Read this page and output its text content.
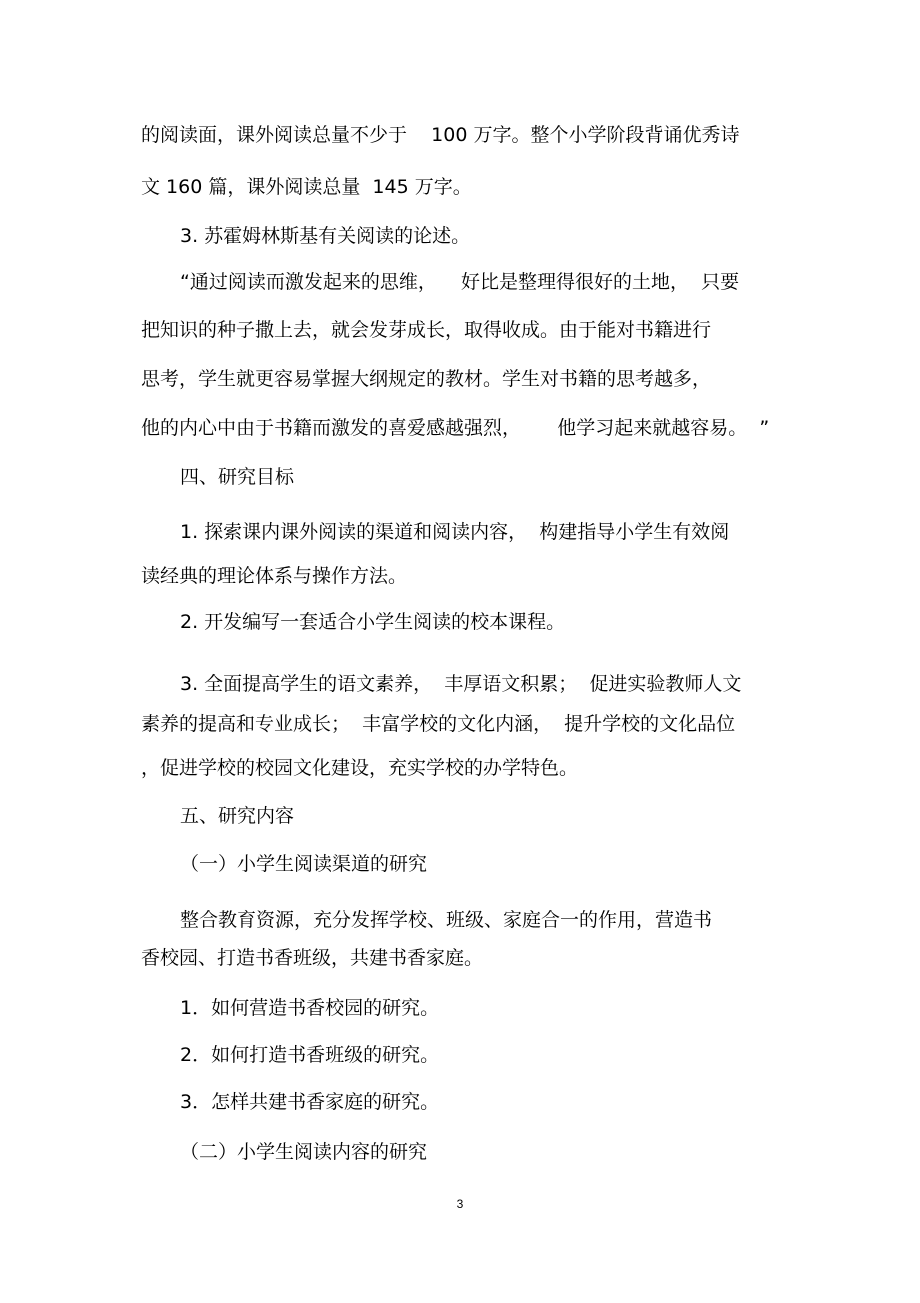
的阅读面，课外阅读总量不少于    100 万字。整个小学阶段背诵优秀诗

文 160 篇，课外阅读总量  145 万字。

3. 苏霍姆林斯基有关阅读的论述。

“通过阅读而激发起来的思维，    好比是整理得很好的土地，  只要

把知识的种子撒上去，就会发芽成长，取得收成。由于能对书籍进行

思考，学生就更容易掌握大纲规定的教材。学生对书籍的思考越多，

他的内心中由于书籍而激发的喜爱感越强烈，      他学习起来就越容易。  ”

四、研究目标

1. 探索课内课外阅读的渠道和阅读内容，  构建指导小学生有效阅

读经典的理论体系与操作方法。

2. 开发编写一套适合小学生阅读的校本课程。

3. 全面提高学生的语文素养，  丰厚语文积累；  促进实验教师人文

素养的提高和专业成长；  丰富学校的文化内涵，  提升学校的文化品位

，促进学校的校园文化建设，充实学校的办学特色。

五、研究内容

（一）小学生阅读渠道的研究

整合教育资源，充分发挥学校、班级、家庭合一的作用，营造书

香校园、打造书香班级，共建书香家庭。

1．如何营造书香校园的研究。

2．如何打造书香班级的研究。

3．怎样共建书香家庭的研究。

（二）小学生阅读内容的研究

3
